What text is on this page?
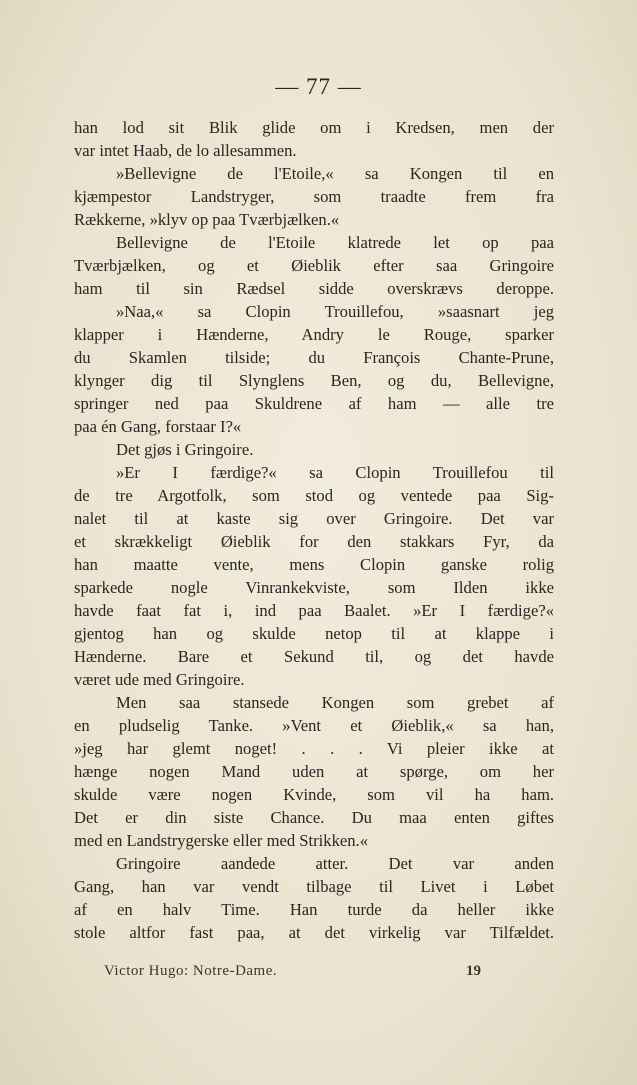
— 77 —
han lod sit Blik glide om i Kredsen, men der
var intet Haab, de lo allesammen.
»Bellevigne de l'Etoile,« sa Kongen til en
kjæmpestor Landstryger, som traadte frem fra
Rækkerne, »klyv op paa Tværbjælken.«
Bellevigne de l'Etoile klatrede let op paa
Tværbjælken, og et Øieblik efter saa Gringoire
ham til sin Rædsel sidde overskrævs deroppe.
»Naa,« sa Clopin Trouillefou, »saasnart jeg
klapper i Hænderne, Andry le Rouge, sparker
du Skamlen tilside; du François Chante-Prune,
klynger dig til Slynglens Ben, og du, Bellevigne,
springer ned paa Skuldrene af ham — alle tre
paa én Gang, forstaar I?«
Det gjøs i Gringoire.
»Er I færdige?« sa Clopin Trouillefou til
de tre Argotfolk, som stod og ventede paa Sig-
nalet til at kaste sig over Gringoire. Det var
et skrækkeligt Øieblik for den stakkars Fyr, da
han maatte vente, mens Clopin ganske rolig
sparkede nogle Vinrankekviste, som Ilden ikke
havde faat fat i, ind paa Baalet. »Er I færdige?«
gjentog han og skulde netop til at klappe i
Hænderne. Bare et Sekund til, og det havde
været ude med Gringoire.
Men saa stansede Kongen som grebet af
en pludselig Tanke. »Vent et Øieblik,« sa han,
»jeg har glemt noget! . . . Vi pleier ikke at
hænge nogen Mand uden at spørge, om her
skulde være nogen Kvinde, som vil ha ham.
Det er din siste Chance. Du maa enten giftes
med en Landstrygerske eller med Strikken.«
Gringoire aandede atter. Det var anden
Gang, han var vendt tilbage til Livet i Løbet
af en halv Time. Han turde da heller ikke
stole altfor fast paa, at det virkelig var Tilfældet.
Victor Hugo: Notre-Dame.	19
